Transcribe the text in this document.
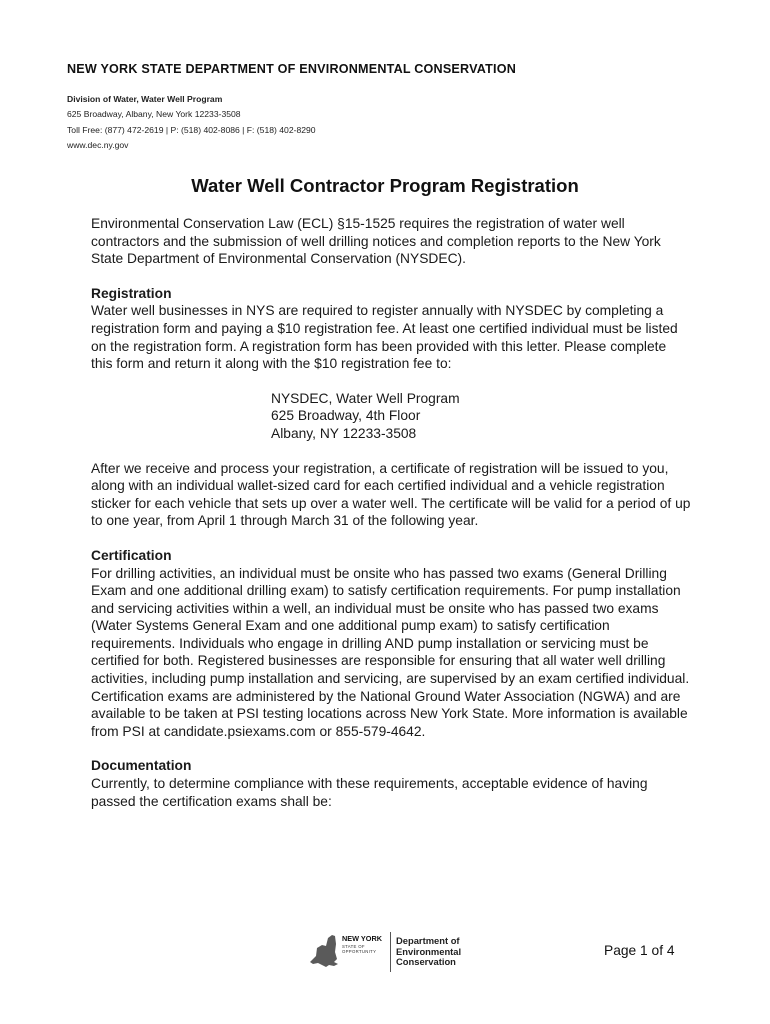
NEW YORK STATE DEPARTMENT OF ENVIRONMENTAL CONSERVATION
Division of Water, Water Well Program
625 Broadway, Albany, New York 12233-3508
Toll Free: (877) 472-2619 | P: (518) 402-8086 | F: (518) 402-8290
www.dec.ny.gov
Water Well Contractor Program Registration

Environmental Conservation Law (ECL) §15-1525 requires the registration of water well contractors and the submission of well drilling notices and completion reports to the New York State Department of Environmental Conservation (NYSDEC).

Registration

Water well businesses in NYS are required to register annually with NYSDEC by completing a registration form and paying a $10 registration fee. At least one certified individual must be listed on the registration form. A registration form has been provided with this letter. Please complete this form and return it along with the $10 registration fee to:

NYSDEC, Water Well Program
625 Broadway, 4th Floor
Albany, NY 12233-3508

After we receive and process your registration, a certificate of registration will be issued to you, along with an individual wallet-sized card for each certified individual and a vehicle registration sticker for each vehicle that sets up over a water well. The certificate will be valid for a period of up to one year, from April 1 through March 31 of the following year.

Certification

For drilling activities, an individual must be onsite who has passed two exams (General Drilling Exam and one additional drilling exam) to satisfy certification requirements. For pump installation and servicing activities within a well, an individual must be onsite who has passed two exams (Water Systems General Exam and one additional pump exam) to satisfy certification requirements. Individuals who engage in drilling AND pump installation or servicing must be certified for both. Registered businesses are responsible for ensuring that all water well drilling activities, including pump installation and servicing, are supervised by an exam certified individual. Certification exams are administered by the National Ground Water Association (NGWA) and are available to be taken at PSI testing locations across New York State. More information is available from PSI at candidate.psiexams.com or 855-579-4642.

Documentation

Currently, to determine compliance with these requirements, acceptable evidence of having passed the certification exams shall be:

NEW YORK
STATE OF
OPPORTUNITY
Department of
Environmental
Conservation
Page 1 of 4
